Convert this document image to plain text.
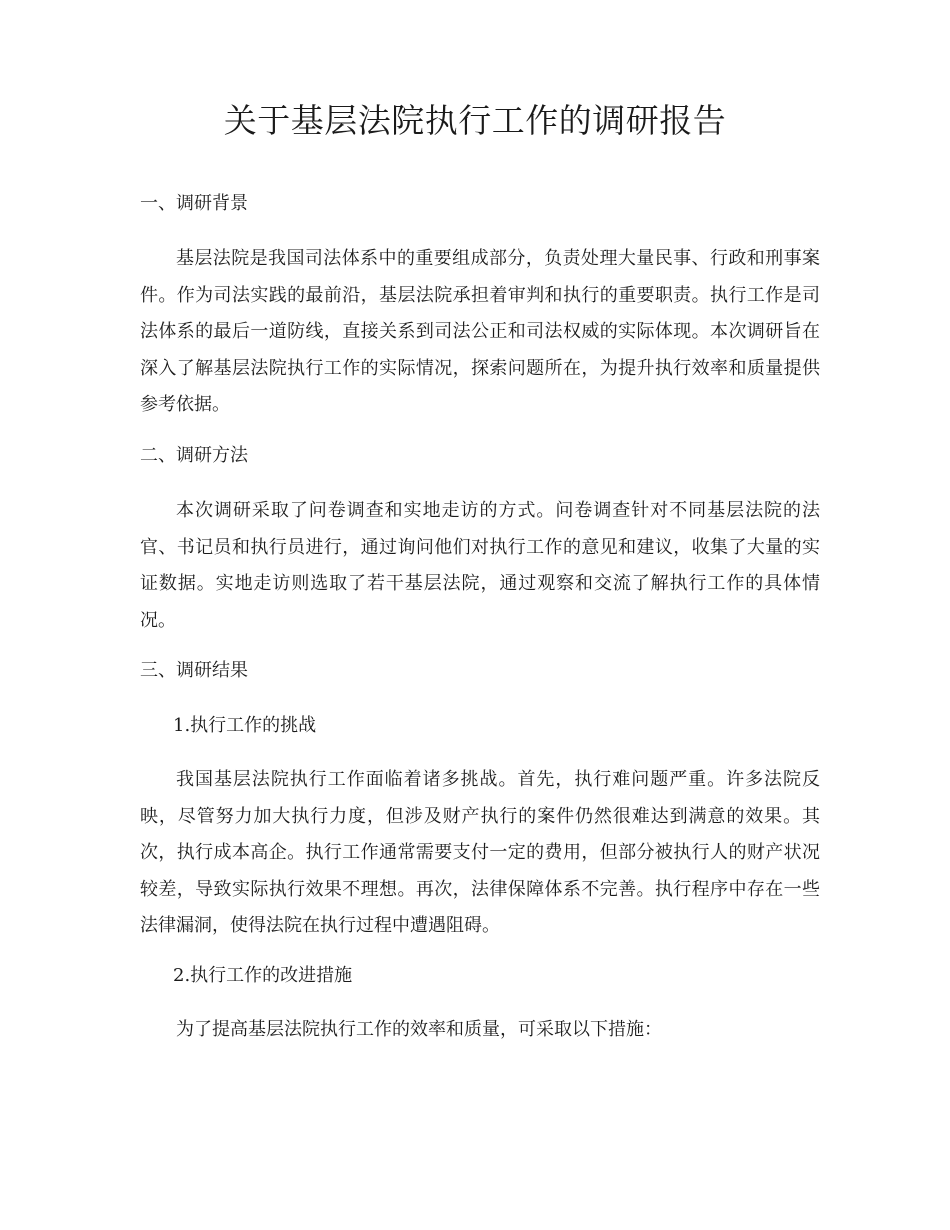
关于基层法院执行工作的调研报告
一、调研背景

基层法院是我国司法体系中的重要组成部分，负责处理大量民事、行政和刑事案件。作为司法实践的最前沿，基层法院承担着审判和执行的重要职责。执行工作是司法体系的最后一道防线，直接关系到司法公正和司法权威的实际体现。本次调研旨在深入了解基层法院执行工作的实际情况，探索问题所在，为提升执行效率和质量提供参考依据。

二、调研方法

本次调研采取了问卷调查和实地走访的方式。问卷调查针对不同基层法院的法官、书记员和执行员进行，通过询问他们对执行工作的意见和建议，收集了大量的实证数据。实地走访则选取了若干基层法院，通过观察和交流了解执行工作的具体情况。

三、调研结果
1.执行工作的挑战

我国基层法院执行工作面临着诸多挑战。首先，执行难问题严重。许多法院反映，尽管努力加大执行力度，但涉及财产执行的案件仍然很难达到满意的效果。其次，执行成本高企。执行工作通常需要支付一定的费用，但部分被执行人的财产状况较差，导致实际执行效果不理想。再次，法律保障体系不完善。执行程序中存在一些法律漏洞，使得法院在执行过程中遭遇阻碍。

2.执行工作的改进措施

为了提高基层法院执行工作的效率和质量，可采取以下措施：
